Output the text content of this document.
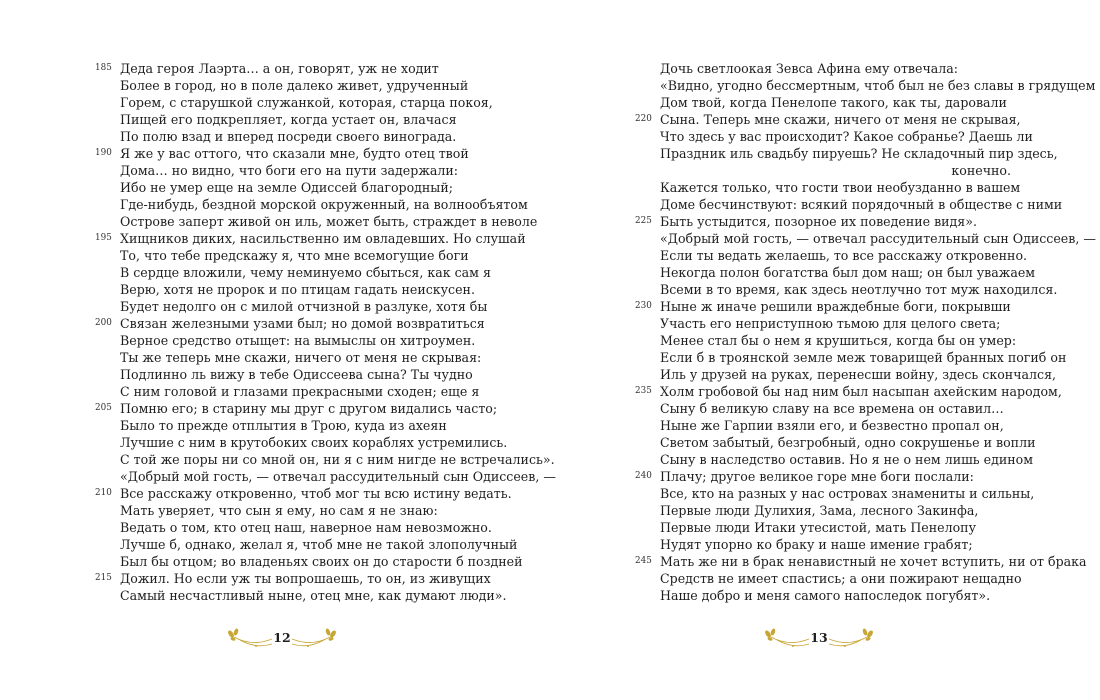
185 Деда героя Лаэрта… а он, говорят, уж не ходит
Более в город, но в поле далеко живет, удрученный
Горем, с старушкой служанкой, которая, старца покоя,
Пищей его подкрепляет, когда устает он, влачася
По полю взад и вперед посреди своего винограда.
190 Я же у вас оттого, что сказали мне, будто отец твой
Дома… но видно, что боги его на пути задержали:
Ибо не умер еще на земле Одиссей благородный;
Где-нибудь, бездной морской окруженный, на волнообъятом
Острове заперт живой он иль, может быть, страждет в неволе
195 Хищников диких, насильственно им овладевших. Но слушай
То, что тебе предскажу я, что мне всемогущие боги
В сердце вложили, чему неминуемо сбыться, как сам я
Верю, хотя не пророк и по птицам гадать неискусен.
Будет недолго он с милой отчизной в разлуке, хотя бы
200 Связан железными узами был; но домой возвратиться
Верное средство отыщет: на вымыслы он хитроумен.
Ты же теперь мне скажи, ничего от меня не скрывая:
Подлинно ль вижу в тебе Одиссеева сына? Ты чудно
С ним головой и глазами прекрасными сходен; еще я
205 Помню его; в старину мы друг с другом видались часто;
Было то прежде отплытия в Трою, куда из ахеян
Лучшие с ним в крутобоких своих кораблях устремились.
С той же поры ни со мной он, ни я с ним нигде не встречались».
«Добрый мой гость, — отвечал рассудительный сын Одиссеев, —
210 Все расскажу откровенно, чтоб мог ты всю истину ведать.
Мать уверяет, что сын я ему, но сам я не знаю:
Ведать о том, кто отец наш, наверное нам невозможно.
Лучше б, однако, желал я, чтоб мне не такой злополучный
Был бы отцом; во владеньях своих он до старости б поздней
215 Дожил. Но если уж ты вопрошаешь, то он, из живущих
Самый несчастливый ныне, отец мне, как думают люди».
Дочь светлоокая Зевса Афина ему отвечала:
«Видно, угодно бессмертным, чтоб был не без славы в грядущем
Дом твой, когда Пенелопе такого, как ты, даровали
220 Сына. Теперь мне скажи, ничего от меня не скрывая,
Что здесь у вас происходит? Какое собранье? Даешь ли
Праздник иль свадьбу пируешь? Не складочный пир здесь,
конечно.
Кажется только, что гости твои необузданно в вашем
Доме бесчинствуют: всякий порядочный в обществе с ними
225 Быть устыдится, позорное их поведение видя».
«Добрый мой гость, — отвечал рассудительный сын Одиссеев, —
Если ты ведать желаешь, то все расскажу откровенно.
Некогда полон богатства был дом наш; он был уважаем
Всеми в то время, как здесь неотлучно тот муж находился.
230 Ныне ж иначе решили враждебные боги, покрывши
Участь его неприступною тьмою для целого света;
Менее стал бы о нем я крушиться, когда бы он умер:
Если б в троянской земле меж товарищей бранных погиб он
Иль у друзей на руках, перенесши войну, здесь скончался,
235 Холм гробовой бы над ним был насыпан ахейским народом,
Сыну б великую славу на все времена он оставил…
Ныне же Гарпии взяли его, и безвестно пропал он,
Светом забытый, безгробный, одно сокрушенье и вопли
Сыну в наследство оставив. Но я не о нем лишь едином
240 Плачу; другое великое горе мне боги послали:
Все, кто на разных у нас островах знамениты и сильны,
Первые люди Дулихия, Зама, лесного Закинфа,
Первые люди Итаки утесистой, мать Пенелопу
Нудят упорно ко браку и наше имение грабят;
245 Мать же ни в брак ненавистный не хочет вступить, ни от брака
Средств не имеет спастись; а они пожирают нещадно
Наше добро и меня самого напоследок погубят».
12	13
